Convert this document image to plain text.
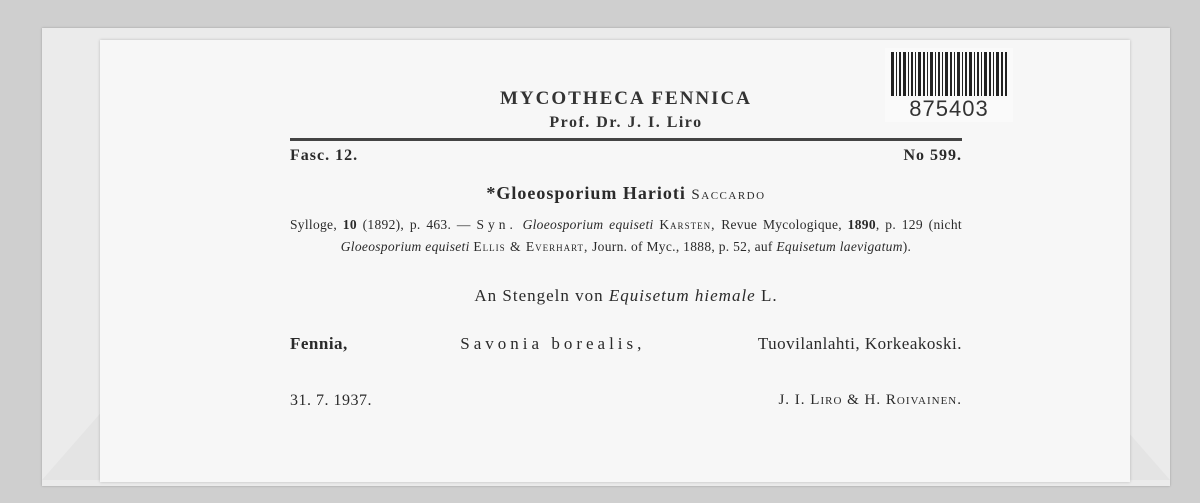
875403
MYCOTHECA FENNICA
Prof. Dr. J. I. Liro
Fasc. 12.	No 599.
*Gloeosporium Harioti Saccardo
Sylloge, 10 (1892), p. 463. — Syn. Gloeosporium equiseti Karsten, Revue Mycologique, 1890, p. 129 (nicht Gloeosporium equiseti Ellis & Everhart, Journ. of Myc., 1888, p. 52, auf Equisetum laevigatum).
An Stengeln von Equisetum hiemale L.
Fennia,	Savonia borealis,	Tuovilanlahti, Korkeakoski.
31. 7. 1937.	J. I. Liro & H. Roivainen.
